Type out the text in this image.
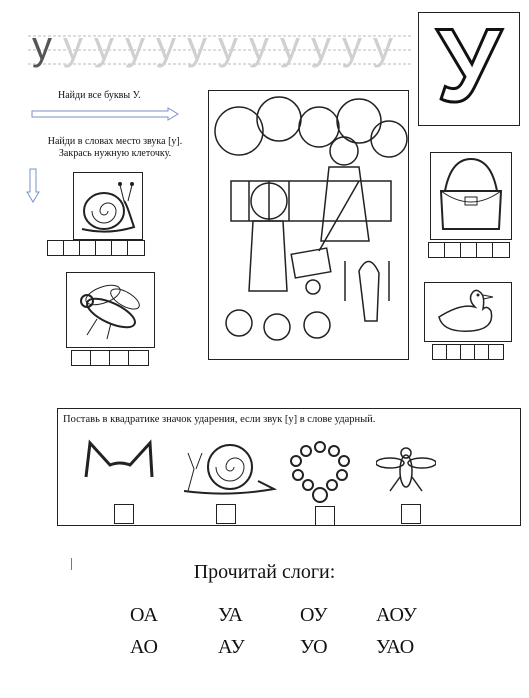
у у у у у у у у у у у у У
Найди все буквы У.
Найди в словах место звука [у].
Закрась нужную клеточку.
Поставь в квадратике значок ударения, если звук [у] в слове ударный.
Прочитай слоги:
ОА	УА	ОУ АОУ
АО	АУ	УО УАО
